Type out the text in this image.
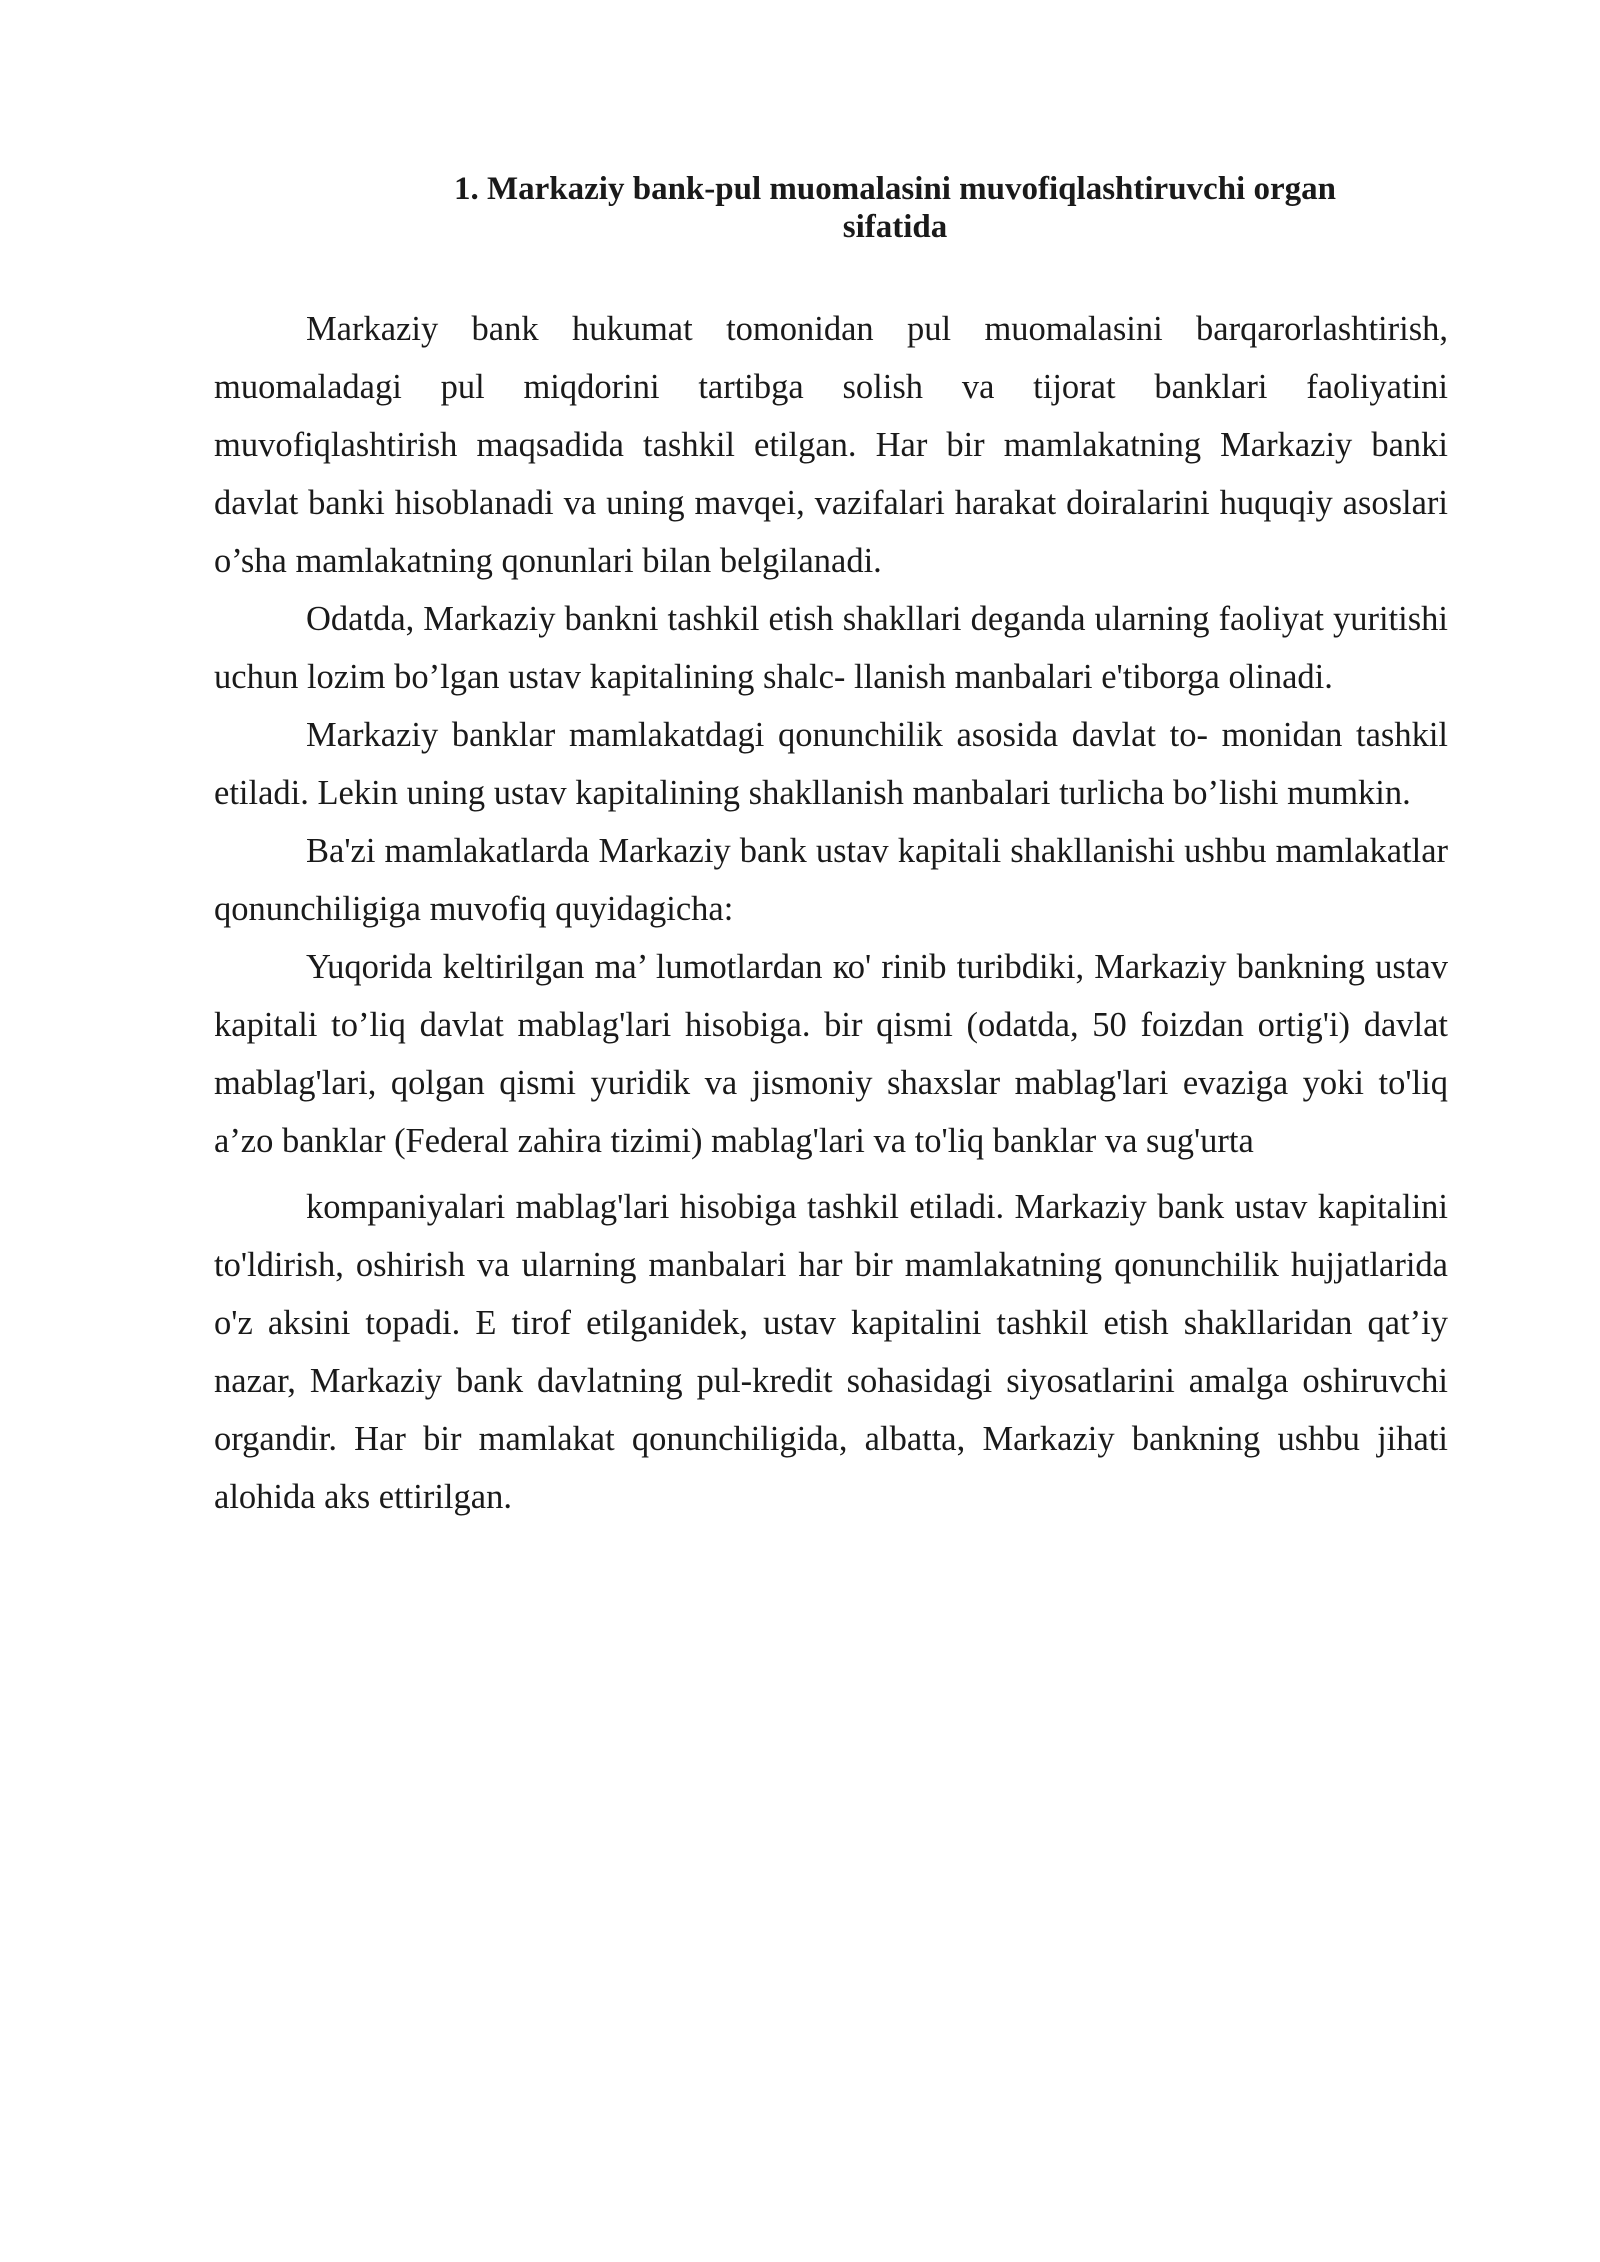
1. Markaziy bank-pul muomalasini muvofiqlashtiruvchi organ
sifatida

Markaziy bank hukumat tomonidan pul muomalasini barqarorlashtirish, muomaladagi pul miqdorini tartibga solish va tijorat banklari faoliyatini muvofiqlashtirish maqsadida tashkil etilgan. Har bir mamlakatning Markaziy banki davlat banki hisoblanadi va uning mavqei, vazifalari harakat doiralarini huquqiy asoslari o’sha mamlakatning qonunlari bilan belgilanadi.

Odatda, Markaziy bankni tashkil etish shakllari deganda ularning faoliyat yuritishi uchun lozim bo’lgan ustav kapitalining shalc- llanish manbalari e'tiborga olinadi.

Markaziy banklar mamlakatdagi qonunchilik asosida davlat to- monidan tashkil etiladi. Lekin uning ustav kapitalining shakllanish manbalari turlicha bo’lishi mumkin.

Ba'zi mamlakatlarda Markaziy bank ustav kapitali shakllanishi ushbu mamlakatlar qonunchiligiga muvofiq quyidagicha:

Yuqorida keltirilgan ma’ lumotlardan ко' rinib turibdiki, Markaziy bankning ustav kapitali to’liq davlat mablag'lari hisobiga. bir qismi (odatda, 50 foizdan ortig'i) davlat mablag'lari, qolgan qismi yuridik va jismoniy shaxslar mablag'lari evaziga yoki to'liq a’zo banklar (Federal zahira tizimi) mablag'lari va to'liq banklar va sug'urta

kompaniyalari mablag'lari hisobiga tashkil etiladi. Markaziy bank ustav kapitalini to'ldirish, oshirish va ularning manbalari har bir mamlakatning qonunchilik hujjatlarida o'z aksini topadi. E tirof etilganidek, ustav kapitalini tashkil etish shakllaridan qat’iy nazar, Markaziy bank davlatning pul-kredit sohasidagi siyosatlarini amalga oshiruvchi organdir. Har bir mamlakat qonunchiligida, albatta, Markaziy bankning ushbu jihati alohida aks ettirilgan.
